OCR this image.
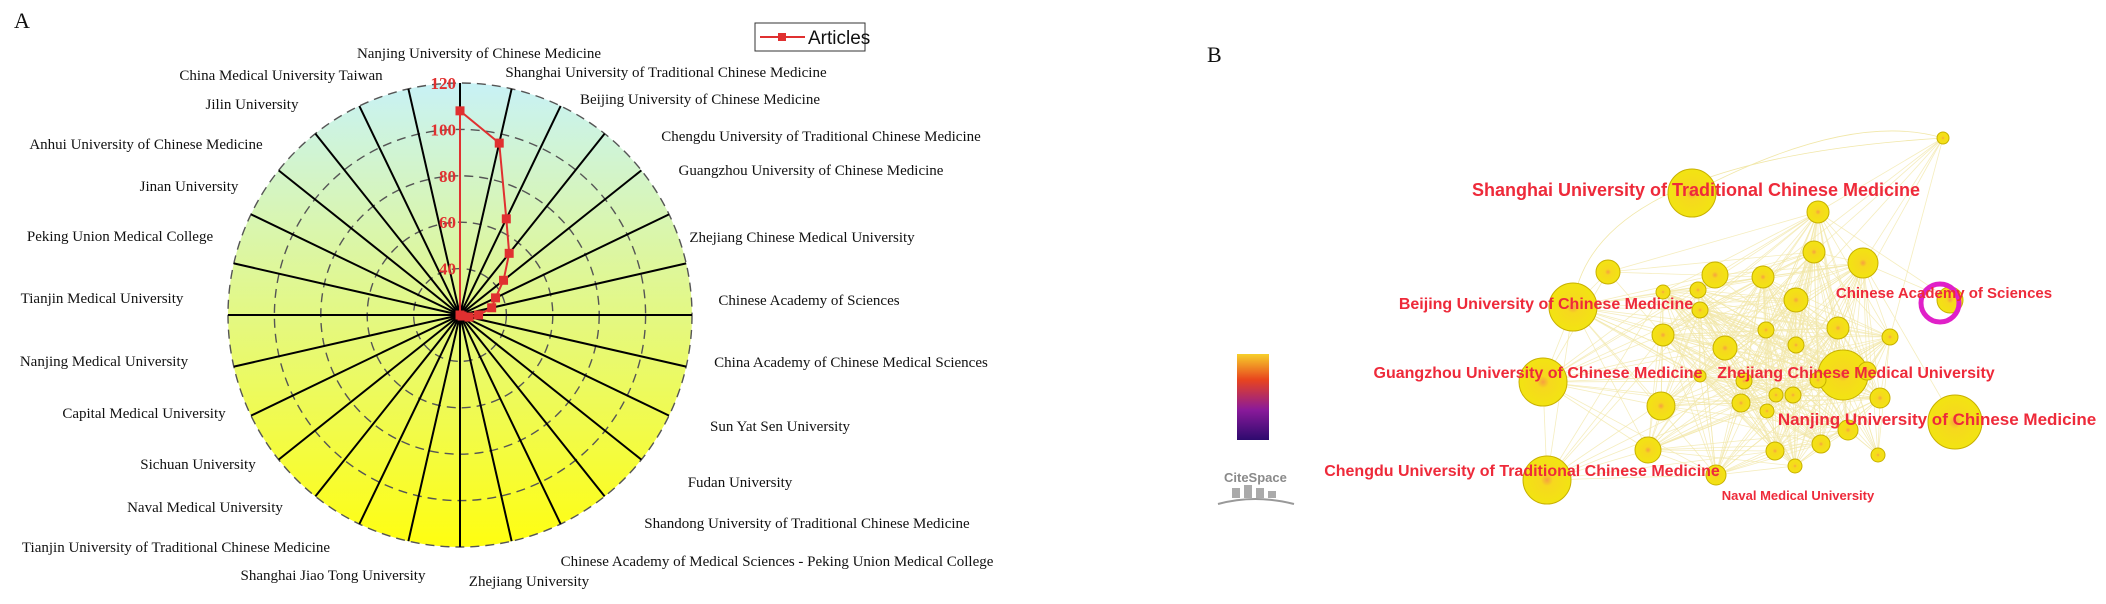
A
40
60
80
100
120
Nanjing University of Chinese Medicine
Shanghai University of Traditional Chinese Medicine
Beijing University of Chinese Medicine
Chengdu University of Traditional Chinese Medicine
Guangzhou University of Chinese Medicine
Zhejiang Chinese Medical University
Chinese Academy of Sciences
China Academy of Chinese Medical Sciences
Sun Yat Sen University
Fudan University
Shandong University of Traditional Chinese Medicine
Chinese Academy of Medical Sciences - Peking Union Medical College
Zhejiang University
Shanghai Jiao Tong University
Tianjin University of Traditional Chinese Medicine
Naval Medical University
Sichuan University
Capital Medical University
Nanjing Medical University
Tianjin Medical University
Peking Union Medical College
Jinan University
Anhui University of Chinese Medicine
Jilin University
China Medical University Taiwan
Articles
B
Shanghai University of Traditional Chinese Medicine
Chinese Academy of Sciences
Beijing University of Chinese Medicine
Guangzhou University of Chinese Medicine Zhejiang Chinese Medical University
Nanjing University of Chinese Medicine
Chengdu University of Traditional Chinese Medicine
Naval Medical University
CiteSpace
